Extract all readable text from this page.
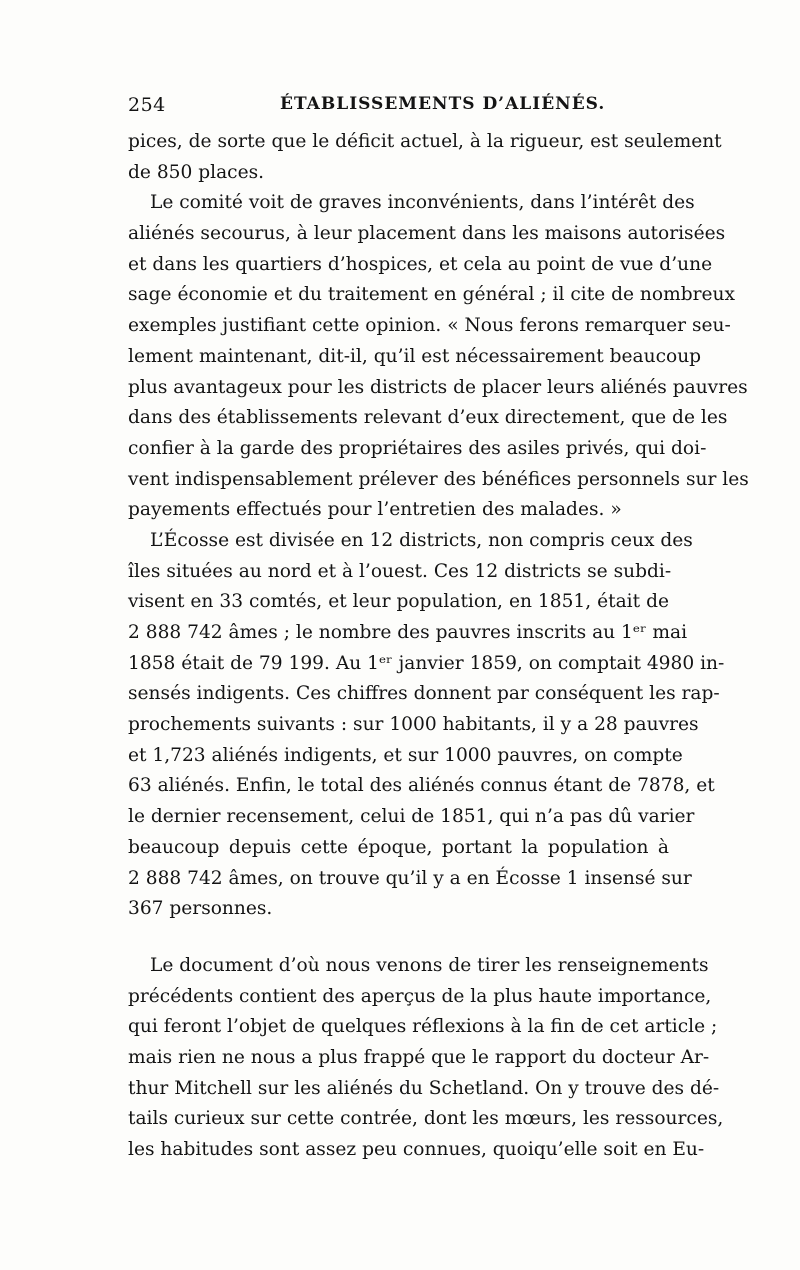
254	ÉTABLISSEMENTS D’ALIÉNÉS.
pices, de sorte que le déficit actuel, à la rigueur, est seulement
de 850 places.
Le comité voit de graves inconvénients, dans l’intérêt des
aliénés secourus, à leur placement dans les maisons autorisées
et dans les quartiers d’hospices, et cela au point de vue d’une
sage économie et du traitement en général ; il cite de nombreux
exemples justifiant cette opinion. « Nous ferons remarquer seu-
lement maintenant, dit-il, qu’il est nécessairement beaucoup
plus avantageux pour les districts de placer leurs aliénés pauvres
dans des établissements relevant d’eux directement, que de les
confier à la garde des propriétaires des asiles privés, qui doi-
vent indispensablement prélever des bénéfices personnels sur les
payements effectués pour l’entretien des malades. »
L’Écosse est divisée en 12 districts, non compris ceux des
îles situées au nord et à l’ouest. Ces 12 districts se subdi-
visent en 33 comtés, et leur population, en 1851, était de
2 888 742 âmes ; le nombre des pauvres inscrits au 1ᵉʳ mai
1858 était de 79 199. Au 1ᵉʳ janvier 1859, on comptait 4980 in-
sensés indigents. Ces chiffres donnent par conséquent les rap-
prochements suivants : sur 1000 habitants, il y a 28 pauvres
et 1,723 aliénés indigents, et sur 1000 pauvres, on compte
63 aliénés. Enfin, le total des aliénés connus étant de 7878, et
le dernier recensement, celui de 1851, qui n’a pas dû varier
beaucoup depuis cette époque, portant la population à
2 888 742 âmes, on trouve qu’il y a en Écosse 1 insensé sur
367 personnes.
Le document d’où nous venons de tirer les renseignements
précédents contient des aperçus de la plus haute importance,
qui feront l’objet de quelques réflexions à la fin de cet article ;
mais rien ne nous a plus frappé que le rapport du docteur Ar-
thur Mitchell sur les aliénés du Schetland. On y trouve des dé-
tails curieux sur cette contrée, dont les mœurs, les ressources,
les habitudes sont assez peu connues, quoiqu’elle soit en Eu-
